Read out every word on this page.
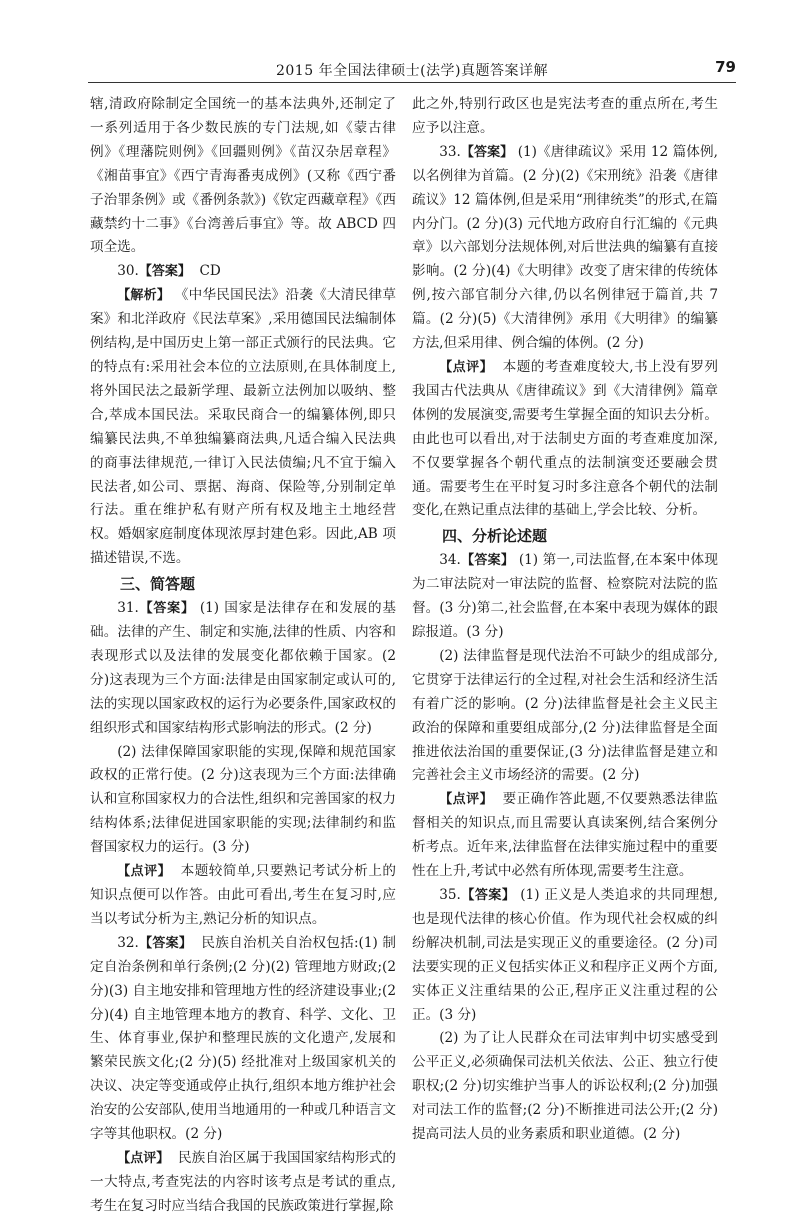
2015 年全国法律硕士(法学)真题答案详解	79

辖,清政府除制定全国统一的基本法典外,还制定了一系列适用于各少数民族的专门法规,如《蒙古律例》《理藩院则例》《回疆则例》《苗汉杂居章程》《湘苗事宜》《西宁青海番夷成例》(又称《西宁番子治罪条例》或《番例条款》)《钦定西藏章程》《西藏禁约十二事》《台湾善后事宜》等。故 ABCD 四项全选。

30.【答案】 CD

【解析】 《中华民国民法》沿袭《大清民律草案》和北洋政府《民法草案》,采用德国民法编制体例结构,是中国历史上第一部正式颁行的民法典。它的特点有:采用社会本位的立法原则,在具体制度上,将外国民法之最新学理、最新立法例加以吸纳、整合,萃成本国民法。采取民商合一的编纂体例,即只编纂民法典,不单独编纂商法典,凡适合编入民法典的商事法律规范,一律订入民法债编;凡不宜于编入民法者,如公司、票据、海商、保险等,分别制定单行法。重在维护私有财产所有权及地主土地经营权。婚姻家庭制度体现浓厚封建色彩。因此,AB 项描述错误,不选。

三、简答题

31.【答案】 (1) 国家是法律存在和发展的基础。法律的产生、制定和实施,法律的性质、内容和表现形式以及法律的发展变化都依赖于国家。(2 分)这表现为三个方面:法律是由国家制定或认可的,法的实现以国家政权的运行为必要条件,国家政权的组织形式和国家结构形式影响法的形式。(2 分)

(2) 法律保障国家职能的实现,保障和规范国家政权的正常行使。(2 分)这表现为三个方面:法律确认和宣称国家权力的合法性,组织和完善国家的权力结构体系;法律促进国家职能的实现;法律制约和监督国家权力的运行。(3 分)

【点评】 本题较简单,只要熟记考试分析上的知识点便可以作答。由此可看出,考生在复习时,应当以考试分析为主,熟记分析的知识点。

32.【答案】 民族自治机关自治权包括:(1) 制定自治条例和单行条例;(2 分)(2) 管理地方财政;(2 分)(3) 自主地安排和管理地方性的经济建设事业;(2 分)(4) 自主地管理本地方的教育、科学、文化、卫生、体育事业,保护和整理民族的文化遗产,发展和繁荣民族文化;(2 分)(5) 经批准对上级国家机关的决议、决定等变通或停止执行,组织本地方维护社会治安的公安部队,使用当地通用的一种或几种语言文字等其他职权。(2 分)

【点评】 民族自治区属于我国国家结构形式的一大特点,考查宪法的内容时该考点是考试的重点,考生在复习时应当结合我国的民族政策进行掌握,除

此之外,特别行政区也是宪法考查的重点所在,考生应予以注意。

33.【答案】 (1)《唐律疏议》采用 12 篇体例,以名例律为首篇。(2 分)(2)《宋刑统》沿袭《唐律疏议》12 篇体例,但是采用“刑律统类”的形式,在篇内分门。(2 分)(3) 元代地方政府自行汇编的《元典章》以六部划分法规体例,对后世法典的编纂有直接影响。(2 分)(4)《大明律》改变了唐宋律的传统体例,按六部官制分六律,仍以名例律冠于篇首,共 7 篇。(2 分)(5)《大清律例》承用《大明律》的编纂方法,但采用律、例合编的体例。(2 分)

【点评】 本题的考查难度较大,书上没有罗列我国古代法典从《唐律疏议》到《大清律例》篇章体例的发展演变,需要考生掌握全面的知识去分析。由此也可以看出,对于法制史方面的考查难度加深,不仅要掌握各个朝代重点的法制演变还要融会贯通。需要考生在平时复习时多注意各个朝代的法制变化,在熟记重点法律的基础上,学会比较、分析。

四、分析论述题

34.【答案】 (1) 第一,司法监督,在本案中体现为二审法院对一审法院的监督、检察院对法院的监督。(3 分)第二,社会监督,在本案中表现为媒体的跟踪报道。(3 分)

(2) 法律监督是现代法治不可缺少的组成部分,它贯穿于法律运行的全过程,对社会生活和经济生活有着广泛的影响。(2 分)法律监督是社会主义民主政治的保障和重要组成部分,(2 分)法律监督是全面推进依法治国的重要保证,(3 分)法律监督是建立和完善社会主义市场经济的需要。(2 分)

【点评】 要正确作答此题,不仅要熟悉法律监督相关的知识点,而且需要认真读案例,结合案例分析考点。近年来,法律监督在法律实施过程中的重要性在上升,考试中必然有所体现,需要考生注意。

35.【答案】 (1) 正义是人类追求的共同理想,也是现代法律的核心价值。作为现代社会权威的纠纷解决机制,司法是实现正义的重要途径。(2 分)司法要实现的正义包括实体正义和程序正义两个方面,实体正义注重结果的公正,程序正义注重过程的公正。(3 分)

(2) 为了让人民群众在司法审判中切实感受到公平正义,必须确保司法机关依法、公正、独立行使职权;(2 分)切实维护当事人的诉讼权利;(2 分)加强对司法工作的监督;(2 分)不断推进司法公开;(2 分)提高司法人员的业务素质和职业道德。(2 分)
